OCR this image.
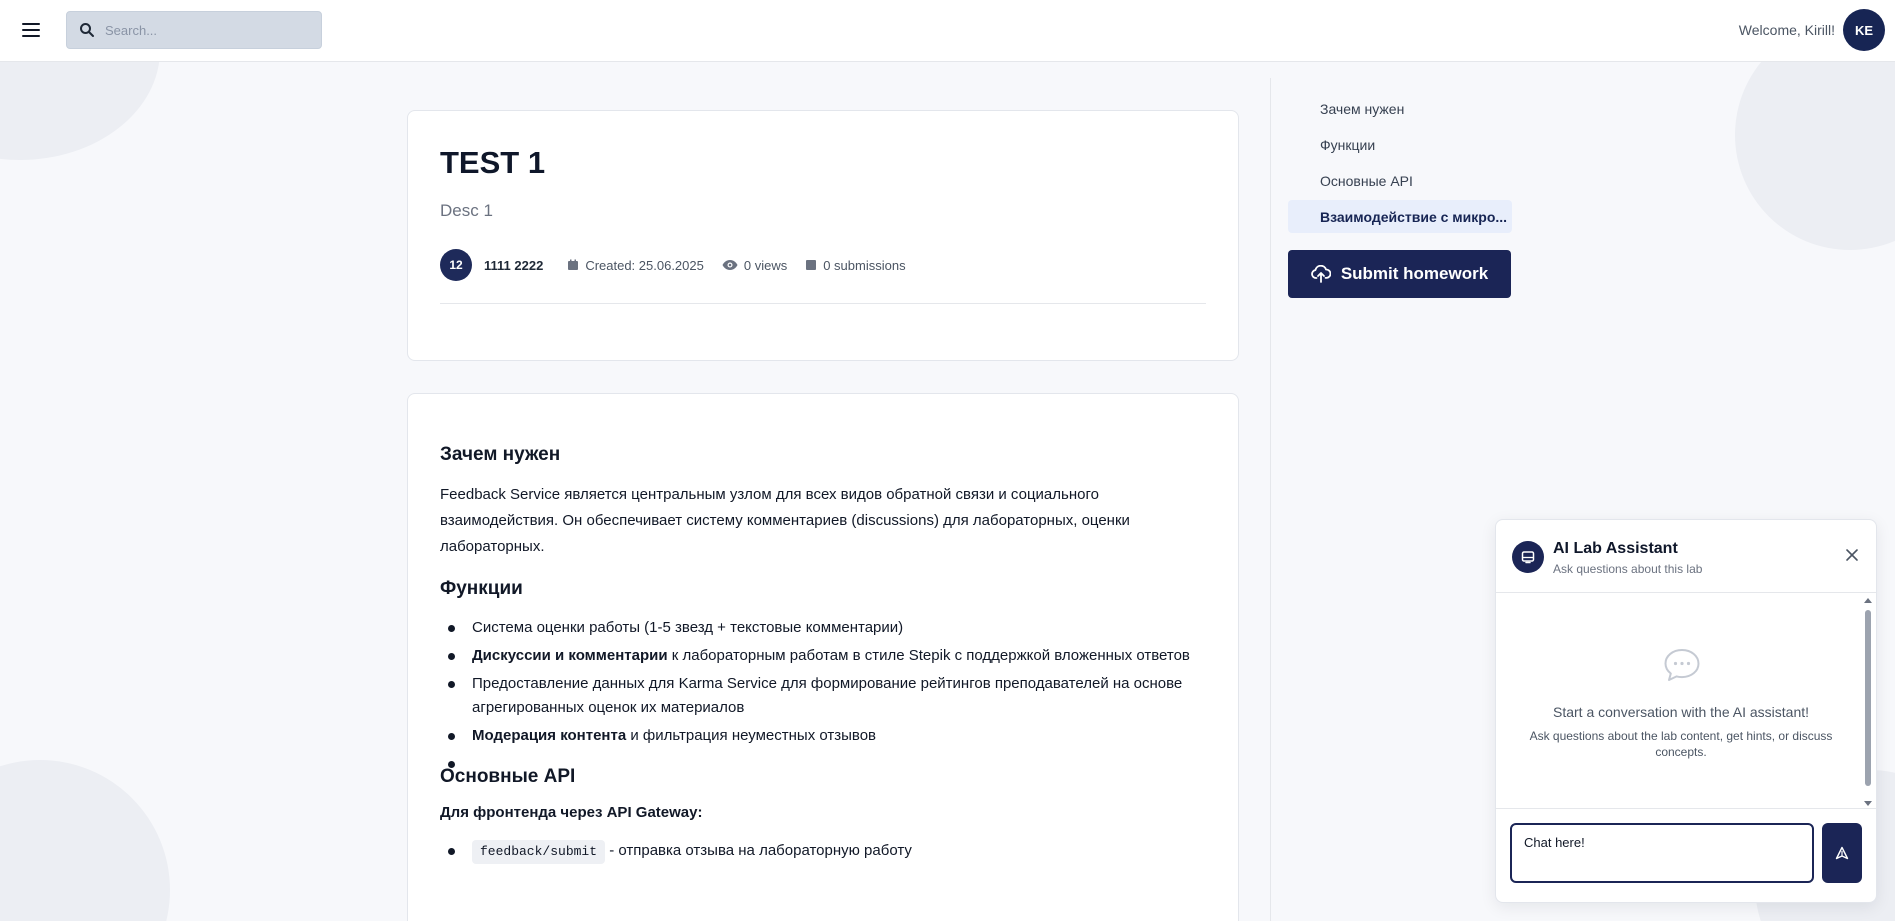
Search...
Welcome, Kirill!	KE
TEST 1
Desc 1
12	1111 2222	Created: 25.06.2025	0 views	0 submissions
Зачем нужен

Feedback Service является центральным узлом для всех видов обратной связи и социального взаимодействия. Он обеспечивает систему комментариев (discussions) для лабораторных, оценки лабораторных.

Функции
Система оценки работы (1-5 звезд + текстовые комментарии)
Дискуссии и комментарии к лабораторным работам в стиле Stepik с поддержкой вложенных ответов
Предоставление данных для Karma Service для формирование рейтингов преподавателей на основе агрегированных оценок их материалов
Модерация контента и фильтрация неуместных отзывов
Основные API
Для фронтенда через API Gateway:
feedback/submit - отправка отзыва на лабораторную работу
Зачем нужен
Функции
Основные API
Взаимодействие с микро...
Submit homework
AI Lab Assistant
Ask questions about this lab
Start a conversation with the AI assistant!
Ask questions about the lab content, get hints, or discuss concepts.
Chat here!
